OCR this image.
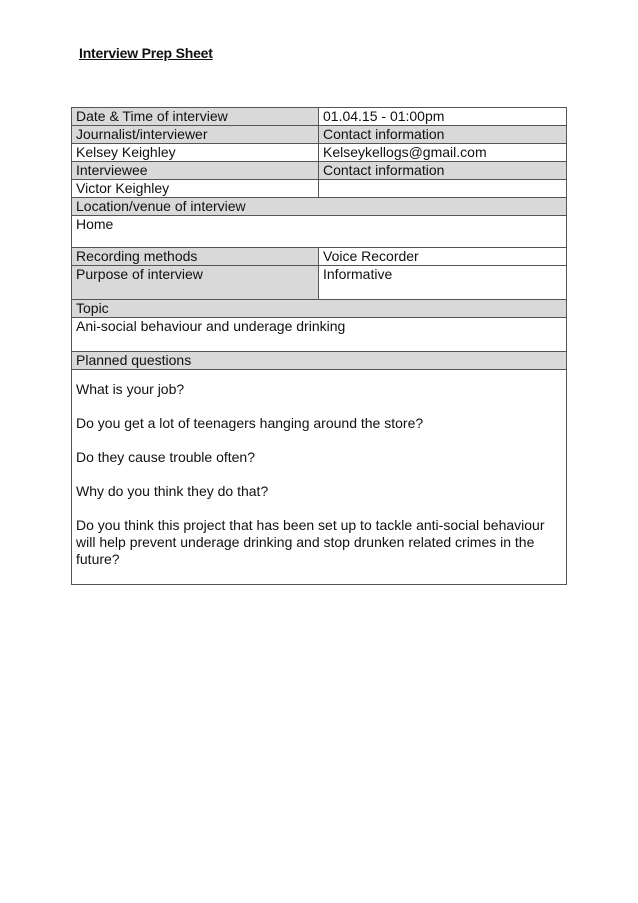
Interview Prep Sheet
Date & Time of interview	01.04.15 - 01:00pm
Journalist/interviewer	Contact information
Kelsey Keighley	Kelseykellogs@gmail.com
Interviewee	Contact information
Victor Keighley	
Location/venue of interview	
Home	
Recording methods	Voice Recorder
Purpose of interview	Informative
Topic	
Ani-social behaviour and underage drinking	
Planned questions	

What is your job?

Do you get a lot of teenagers hanging around the store?

Do they cause trouble often?

Why do you think they do that?

Do you think this project that has been set up to tackle anti-social behaviour will help prevent underage drinking and stop drunken related crimes in the future?	
